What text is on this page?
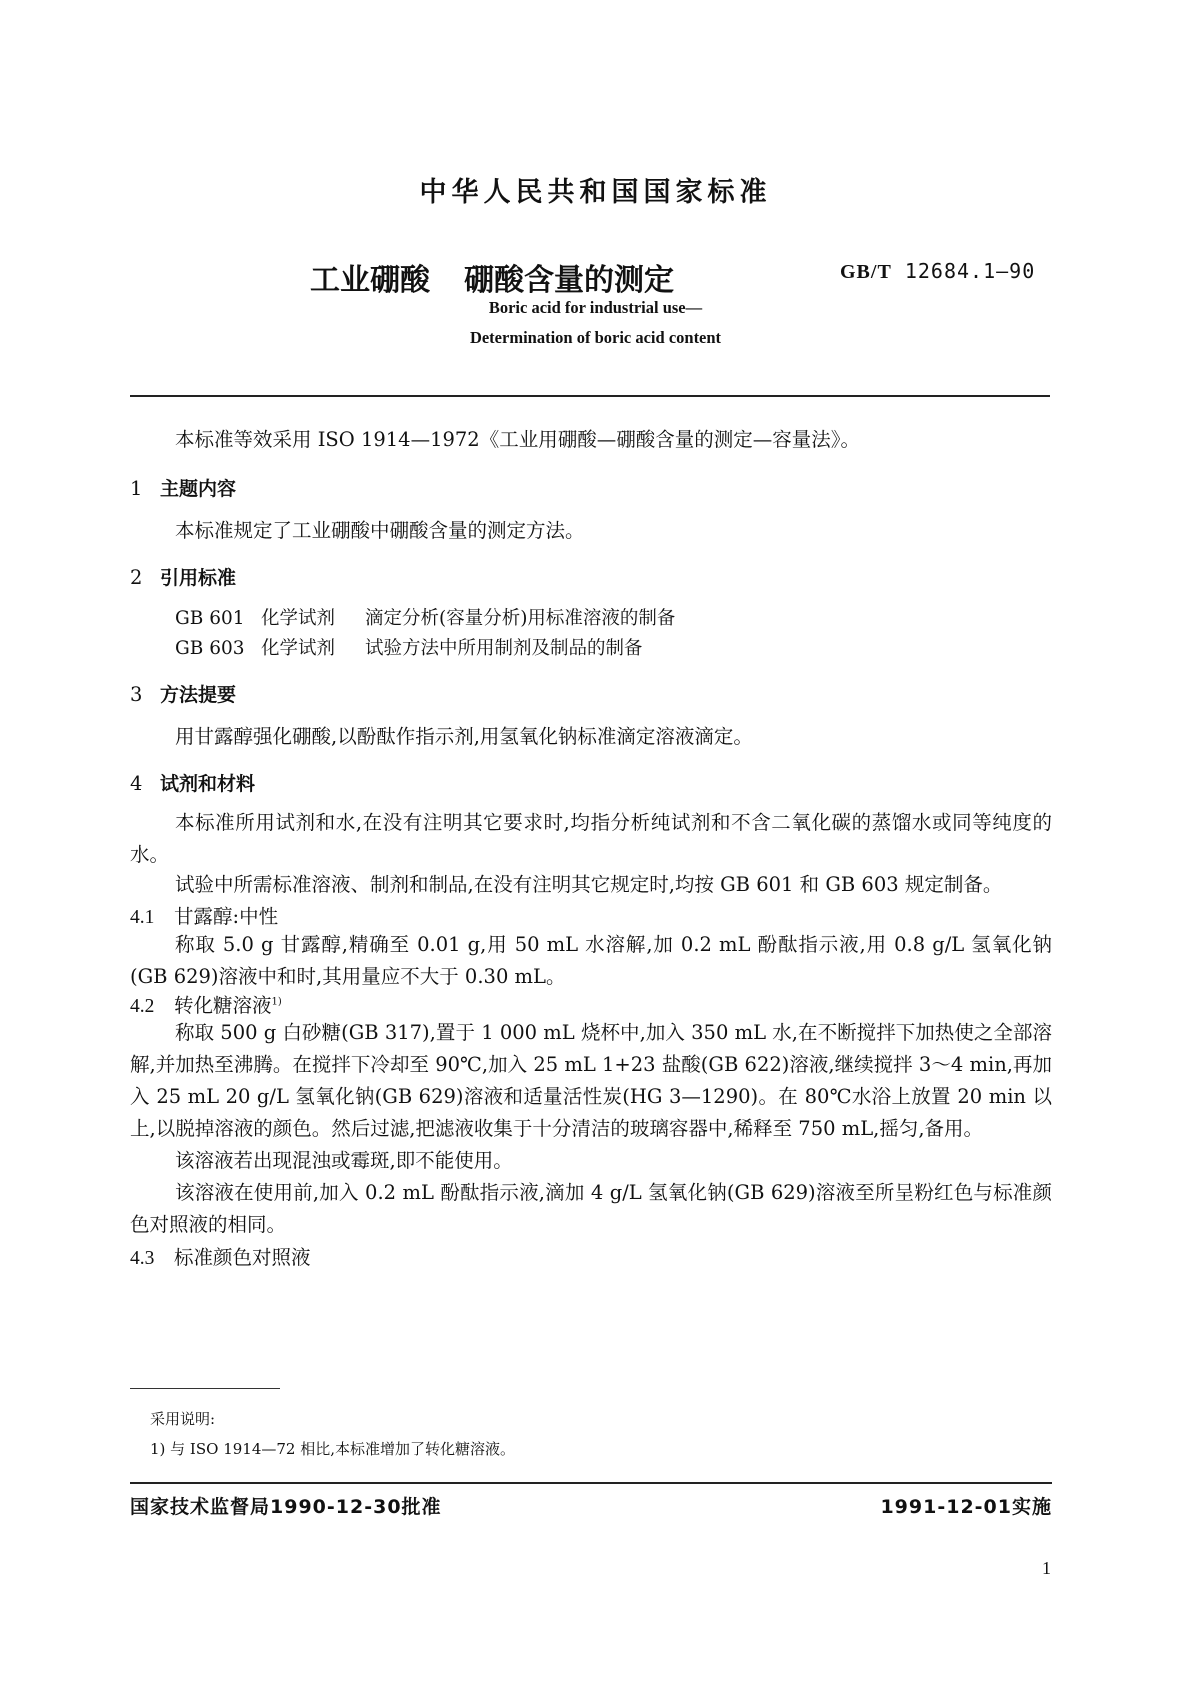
中华人民共和国国家标准
工业硼酸 硼酸含量的测定	GB/T 12684.1—90
Boric acid for industrial use—
Determination of boric acid content
本标准等效采用 ISO 1914—1972《工业用硼酸—硼酸含量的测定—容量法》。
1 主题内容
本标准规定了工业硼酸中硼酸含量的测定方法。
2 引用标准
GB 601 化学试剂 滴定分析(容量分析)用标准溶液的制备
GB 603 化学试剂 试验方法中所用制剂及制品的制备
3 方法提要
用甘露醇强化硼酸,以酚酞作指示剂,用氢氧化钠标准滴定溶液滴定。
4 试剂和材料
本标准所用试剂和水,在没有注明其它要求时,均指分析纯试剂和不含二氧化碳的蒸馏水或同等纯度的水。
试验中所需标准溶液、制剂和制品,在没有注明其它规定时,均按 GB 601 和 GB 603 规定制备。
4.1 甘露醇:中性
称取 5.0 g 甘露醇,精确至 0.01 g,用 50 mL 水溶解,加 0.2 mL 酚酞指示液,用 0.8 g/L 氢氧化钠(GB 629)溶液中和时,其用量应不大于 0.30 mL。
4.2 转化糖溶液$^{1)}$
称取 500 g 白砂糖(GB 317),置于 1 000 mL 烧杯中,加入 350 mL 水,在不断搅拌下加热使之全部溶解,并加热至沸腾。在搅拌下冷却至 90℃,加入 25 mL 1+23 盐酸(GB 622)溶液,继续搅拌 3～4 min,再加入 25 mL 20 g/L 氢氧化钠(GB 629)溶液和适量活性炭(HG 3—1290)。在 80℃水浴上放置 20 min 以上,以脱掉溶液的颜色。然后过滤,把滤液收集于十分清洁的玻璃容器中,稀释至 750 mL,摇匀,备用。
该溶液若出现混浊或霉斑,即不能使用。
该溶液在使用前,加入 0.2 mL 酚酞指示液,滴加 4 g/L 氢氧化钠(GB 629)溶液至所呈粉红色与标准颜色对照液的相同。
4.3 标准颜色对照液
采用说明:
1) 与 ISO 1914—72 相比,本标准增加了转化糖溶液。
国家技术监督局1990-12-30批准	1991-12-01实施
1
